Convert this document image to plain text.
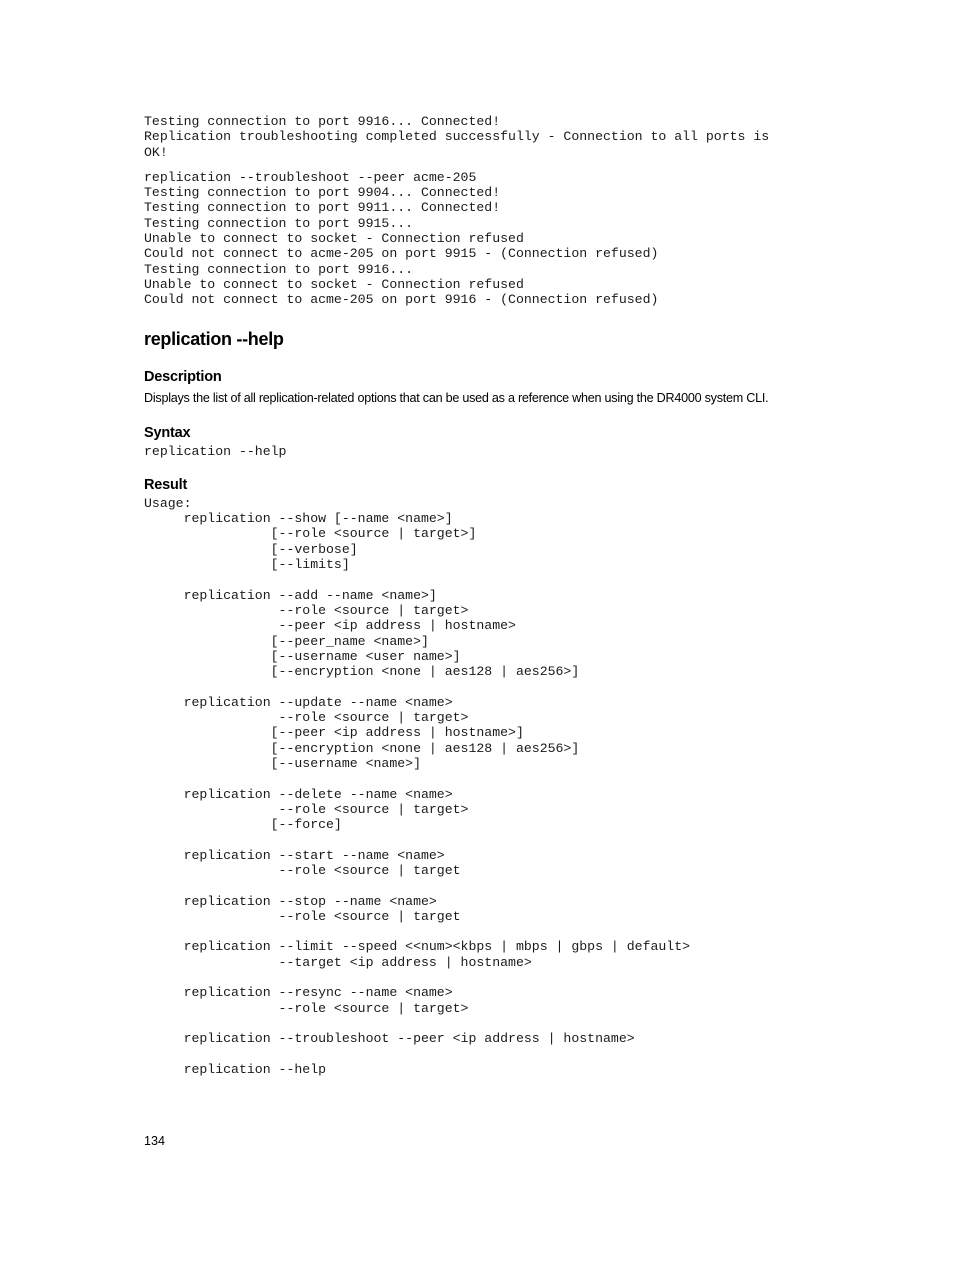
Testing connection to port 9916... Connected!
Replication troubleshooting completed successfully - Connection to all ports is
OK!
replication --troubleshoot --peer acme-205
Testing connection to port 9904... Connected!
Testing connection to port 9911... Connected!
Testing connection to port 9915...
Unable to connect to socket - Connection refused
Could not connect to acme-205 on port 9915 - (Connection refused)
Testing connection to port 9916...
Unable to connect to socket - Connection refused
Could not connect to acme-205 on port 9916 - (Connection refused)
replication --help
Description

Displays the list of all replication-related options that can be used as a reference when using the DR4000 system CLI.

Syntax
replication --help
Result
Usage:
replication --show [--name <name>]
[--role <source | target>]
[--verbose]
[--limits]

replication --add --name <name>]
--role <source | target>
--peer <ip address | hostname>
[--peer_name <name>]
[--username <user name>]
[--encryption <none | aes128 | aes256>]

replication --update --name <name>
--role <source | target>
[--peer <ip address | hostname>]
[--encryption <none | aes128 | aes256>]
[--username <name>]

replication --delete --name <name>
--role <source | target>
[--force]

replication --start --name <name>
--role <source | target

replication --stop --name <name>
--role <source | target

replication --limit --speed <<num><kbps | mbps | gbps | default>
--target <ip address | hostname>

replication --resync --name <name>
--role <source | target>

replication --troubleshoot --peer <ip address | hostname>

replication --help
134
